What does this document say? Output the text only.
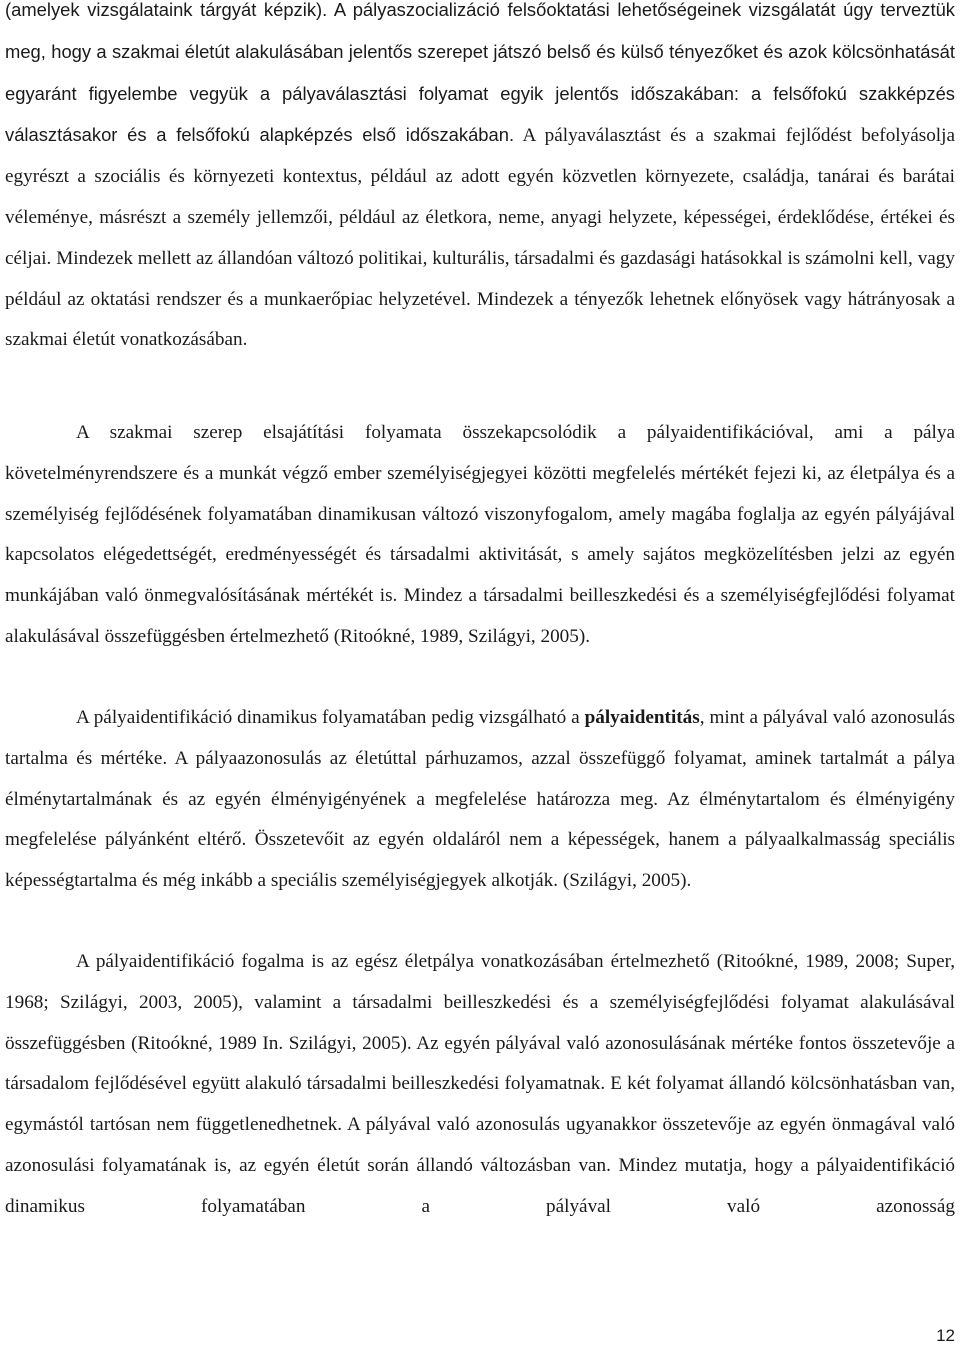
(amelyek vizsgálataink tárgyát képzik). A pályaszocializáció felsőoktatási lehetőségeinek vizsgálatát úgy terveztük meg, hogy a szakmai életút alakulásában jelentős szerepet játszó belső és külső tényezőket és azok kölcsönhatását egyaránt figyelembe vegyük a pályaválasztási folyamat egyik jelentős időszakában: a felsőfokú szakképzés választásakor és a felsőfokú alapképzés első időszakában. A pályaválasztást és a szakmai fejlődést befolyásolja egyrészt a szociális és környezeti kontextus, például az adott egyén közvetlen környezete, családja, tanárai és barátai véleménye, másrészt a személy jellemzői, például az életkora, neme, anyagi helyzete, képességei, érdeklődése, értékei és céljai. Mindezek mellett az állandóan változó politikai, kulturális, társadalmi és gazdasági hatásokkal is számolni kell, vagy például az oktatási rendszer és a munkaerőpiac helyzetével. Mindezek a tényezők lehetnek előnyösek vagy hátrányosak a szakmai életút vonatkozásában.

A szakmai szerep elsajátítási folyamata összekapcsolódik a pályaidentifikációval, ami a pálya követelményrendszere és a munkát végző ember személyiségjegyei közötti megfelelés mértékét fejezi ki, az életpálya és a személyiség fejlődésének folyamatában dinamikusan változó viszonyfogalom, amely magába foglalja az egyén pályájával kapcsolatos elégedettségét, eredményességét és társadalmi aktivitását, s amely sajátos megközelítésben jelzi az egyén munkájában való önmegvalósításának mértékét is. Mindez a társadalmi beilleszkedési és a személyiségfejlődési folyamat alakulásával összefüggésben értelmezhető (Ritoókné, 1989, Szilágyi, 2005).

A pályaidentifikáció dinamikus folyamatában pedig vizsgálható a pályaidentitás, mint a pályával való azonosulás tartalma és mértéke. A pályaazonosulás az életúttal párhuzamos, azzal összefüggő folyamat, aminek tartalmát a pálya élménytartalmának és az egyén élményigényének a megfelelése határozza meg. Az élménytartalom és élményigény megfelelése pályánként eltérő. Összetevőit az egyén oldaláról nem a képességek, hanem a pályaalkalmasság speciális képességtartalma és még inkább a speciális személyiségjegyek alkotják. (Szilágyi, 2005).

A pályaidentifikáció fogalma is az egész életpálya vonatkozásában értelmezhető (Ritoókné, 1989, 2008; Super, 1968; Szilágyi, 2003, 2005), valamint a társadalmi beilleszkedési és a személyiségfejlődési folyamat alakulásával összefüggésben (Ritoókné, 1989 In. Szilágyi, 2005). Az egyén pályával való azonosulásának mértéke fontos összetevője a társadalom fejlődésével együtt alakuló társadalmi beilleszkedési folyamatnak. E két folyamat állandó kölcsönhatásban van, egymástól tartósan nem függetlenedhetnek. A pályával való azonosulás ugyanakkor összetevője az egyén önmagával való azonosulási folyamatának is, az egyén életút során állandó változásban van. Mindez mutatja, hogy a pályaidentifikáció dinamikus folyamatában a pályával való azonosság

12
